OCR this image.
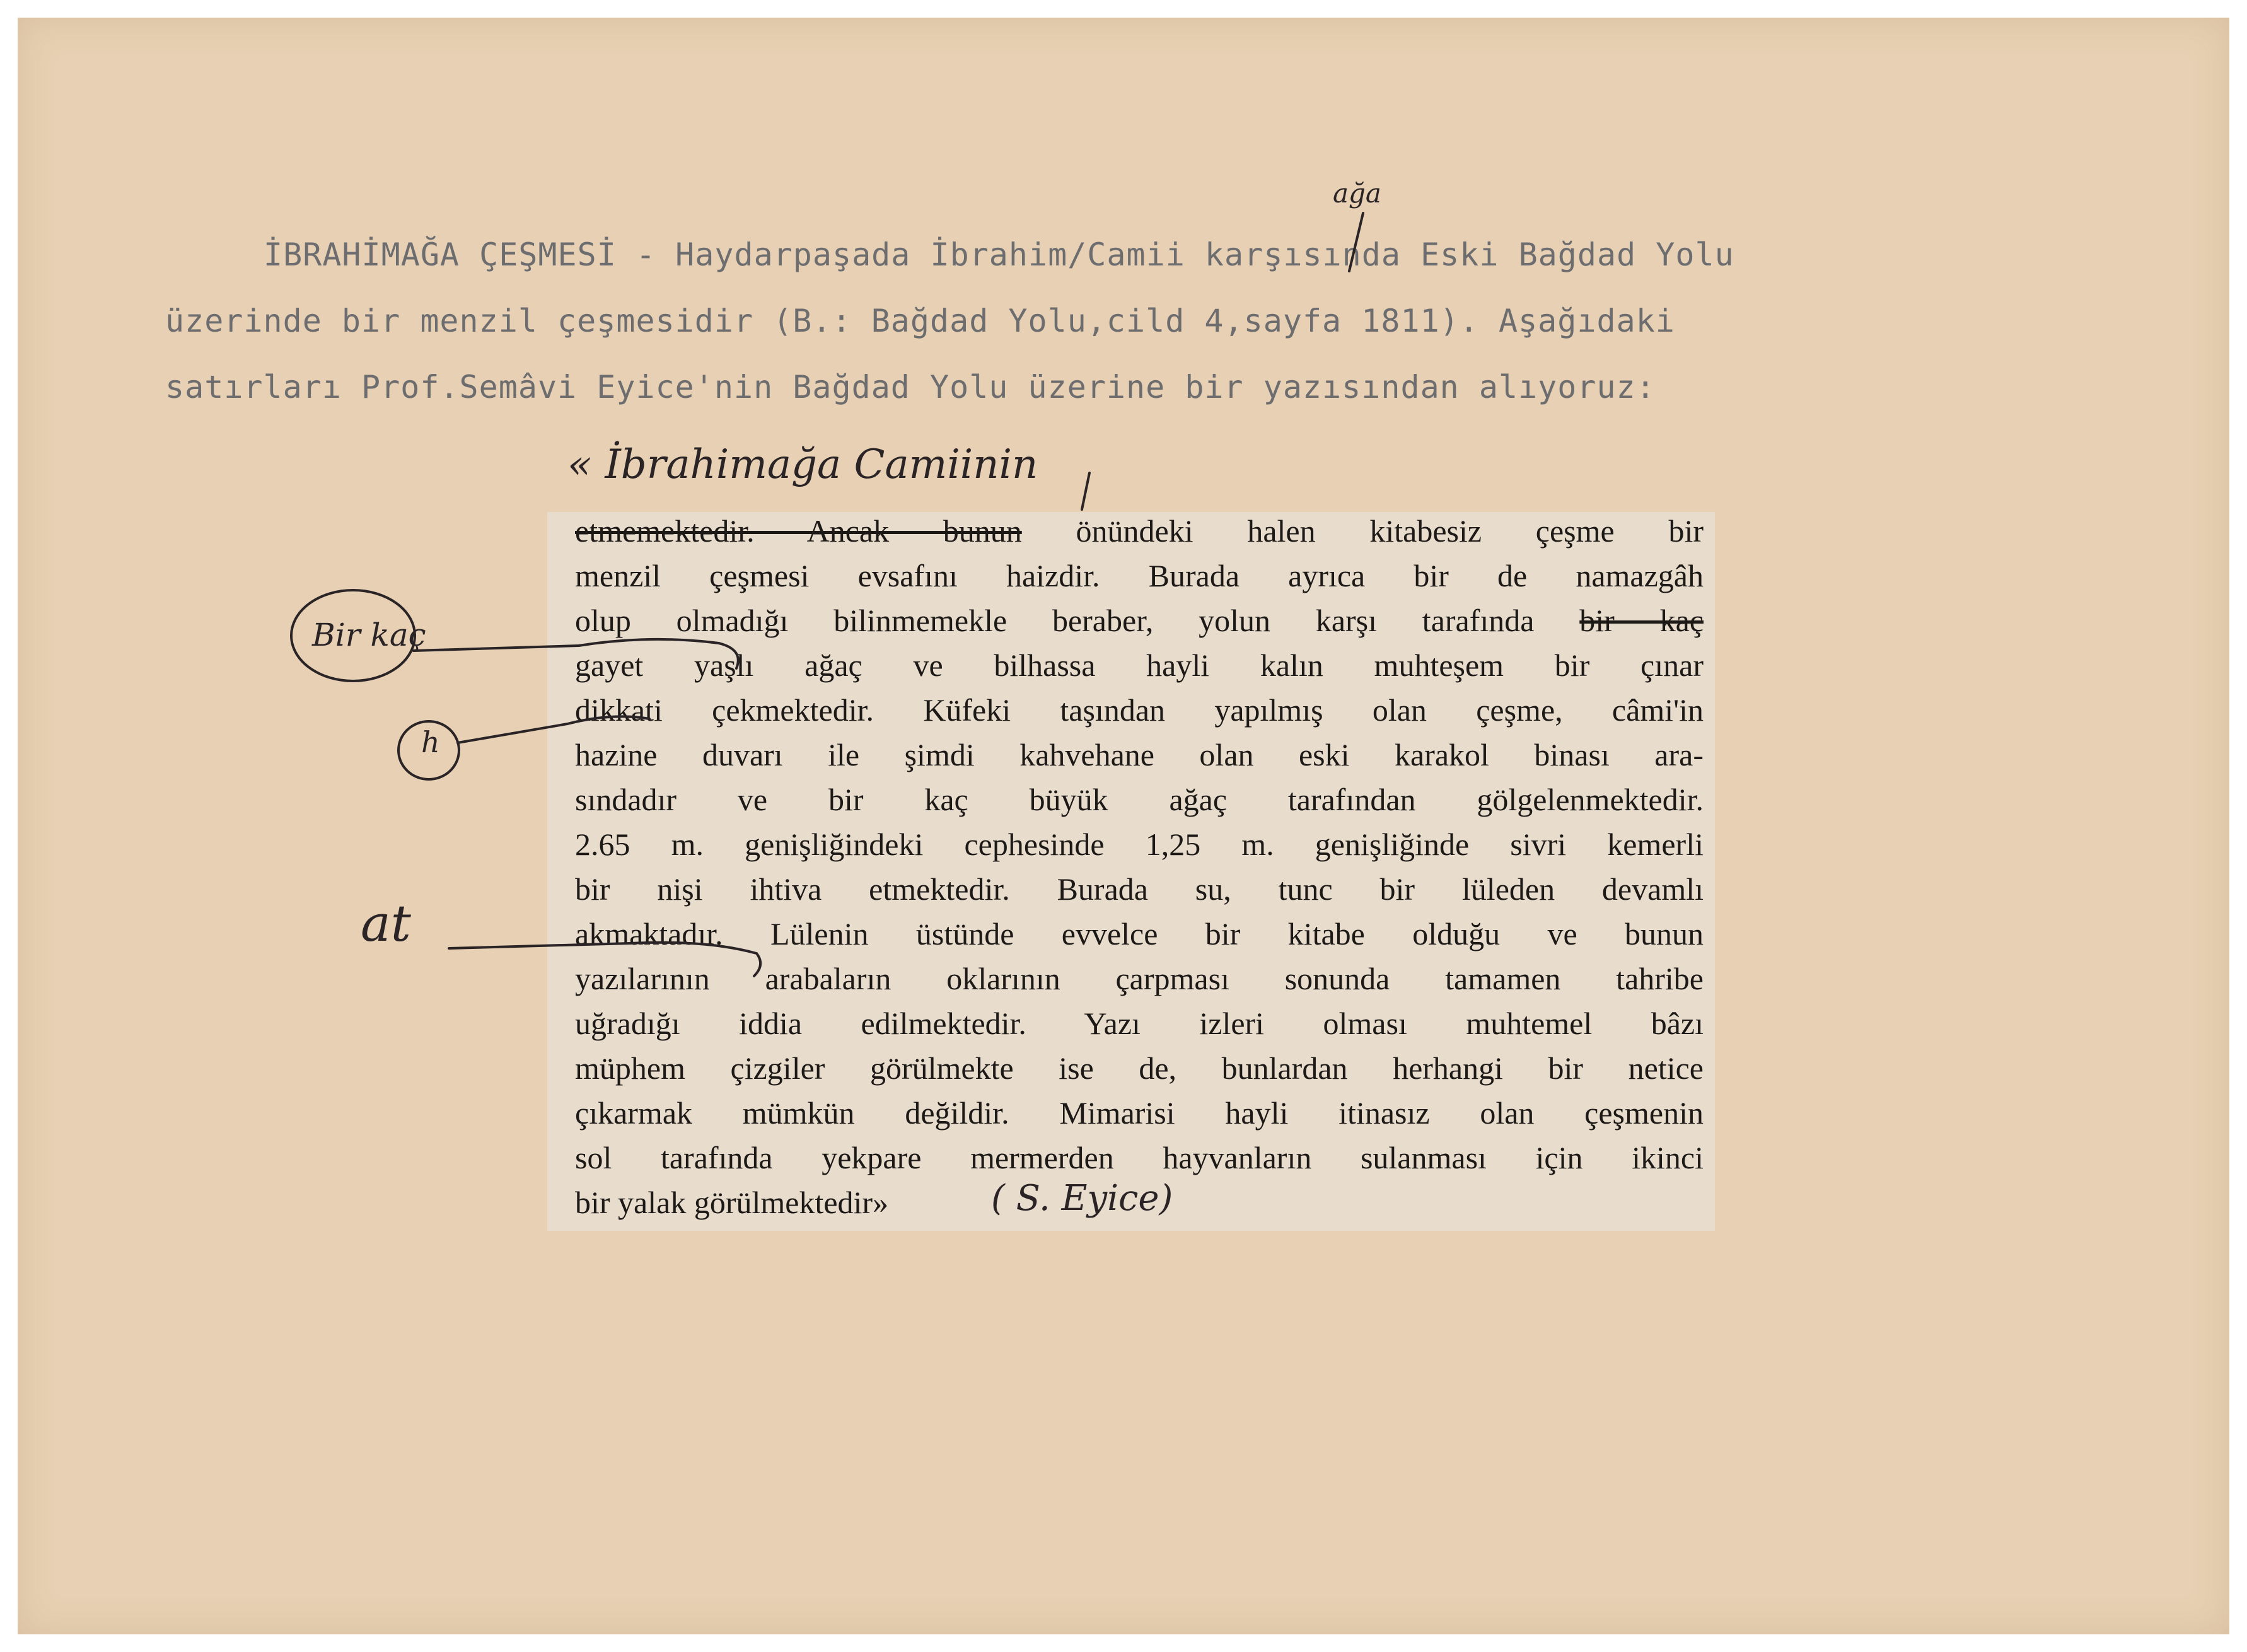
İBRAHİMAĞA ÇEŞMESİ - Haydarpaşada İbrahim/Camii karşısında Eski Bağdad Yolu
üzerinde bir menzil çeşmesidir (B.: Bağdad Yolu,cild 4,sayfa 1811). Aşağıdaki
satırları Prof.Semâvi Eyice'nin Bağdad Yolu üzerine bir yazısından alıyoruz:
ağa
« İbrahimağa Camiinin
etmemektedir. Ancak bunun önündeki halen kitabesiz çeşme bir
menzil çeşmesi evsafını haizdir. Burada ayrıca bir de namazgâh
olup olmadığı bilinmemekle beraber, yolun karşı tarafında bir kaç
gayet yaşlı ağaç ve bilhassa hayli kalın muhteşem bir çınar
dikkati çekmektedir. Küfeki taşından yapılmış olan çeşme, câmi'in
hazine duvarı ile şimdi kahvehane olan eski karakol binası ara-
sındadır ve bir kaç büyük ağaç tarafından gölgelenmektedir.
2.65 m. genişliğindeki cephesinde 1,25 m. genişliğinde sivri kemerli
bir nişi ihtiva etmektedir. Burada su, tunc bir lüleden devamlı
akmaktadır. Lülenin üstünde evvelce bir kitabe olduğu ve bunun
yazılarının arabaların oklarının çarpması sonunda tamamen tahribe
uğradığı iddia edilmektedir. Yazı izleri olması muhtemel bâzı
müphem çizgiler görülmekte ise de, bunlardan herhangi bir netice
çıkarmak mümkün değildir. Mimarisi hayli itinasız olan çeşmenin
sol tarafında yekpare mermerden hayvanların sulanması için ikinci
bir yalak görülmektedir»	( S. Eyice)
Bir kaç
h
at
